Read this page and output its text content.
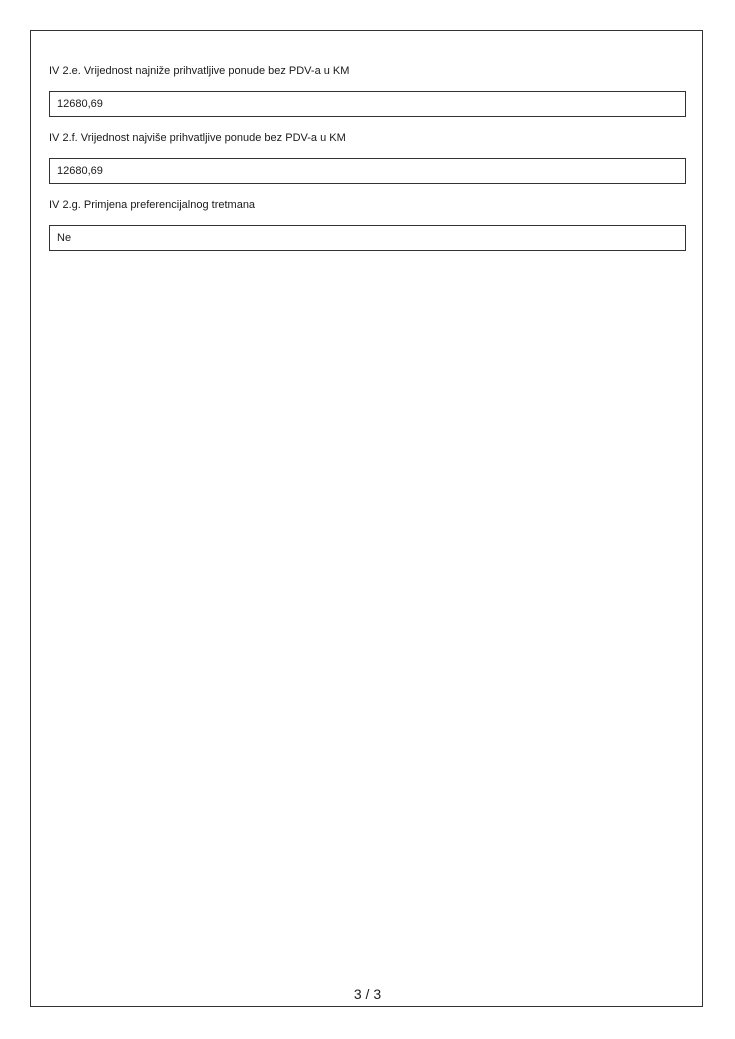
IV 2.e. Vrijednost najniže prihvatljive ponude bez PDV-a u KM
12680,69
IV 2.f. Vrijednost najviše prihvatljive ponude bez PDV-a u KM
12680,69
IV 2.g. Primjena preferencijalnog tretmana
Ne
3 / 3
